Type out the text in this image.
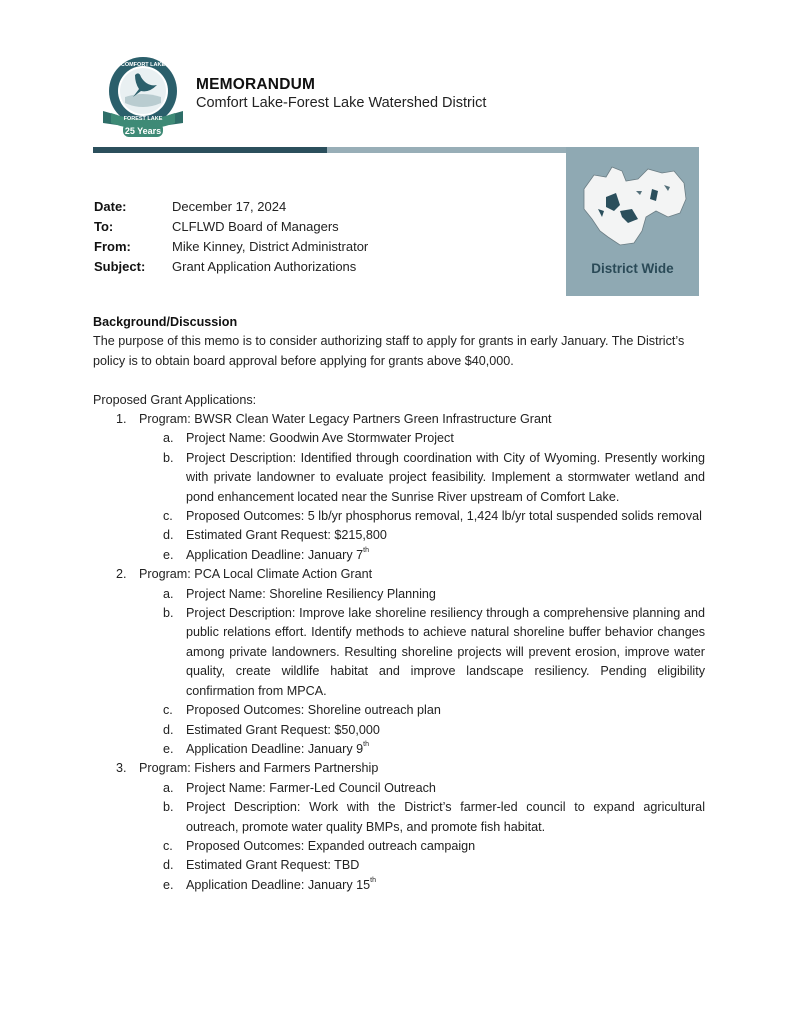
25 Years
COMFORT LAKE
FOREST LAKE
MEMORANDUM
Comfort Lake-Forest Lake Watershed District
District Wide
Date:	December 17, 2024
To:	CLFLWD Board of Managers
From:	Mike Kinney, District Administrator
Subject:	Grant Application Authorizations
Background/Discussion
The purpose of this memo is to consider authorizing staff to apply for grants in early January. The District’s policy is to obtain board approval before applying for grants above $40,000.
Proposed Grant Applications:
1. Program: BWSR Clean Water Legacy Partners Green Infrastructure Grant
a. Project Name: Goodwin Ave Stormwater Project
b. Project Description: Identified through coordination with City of Wyoming. Presently working with private landowner to evaluate project feasibility. Implement a stormwater wetland and pond enhancement located near the Sunrise River upstream of Comfort Lake.
c. Proposed Outcomes: 5 lb/yr phosphorus removal, 1,424 lb/yr total suspended solids removal
d. Estimated Grant Request: $215,800
e. Application Deadline: January 7th
2. Program: PCA Local Climate Action Grant
a. Project Name: Shoreline Resiliency Planning
b. Project Description: Improve lake shoreline resiliency through a comprehensive planning and public relations effort. Identify methods to achieve natural shoreline buffer behavior changes among private landowners. Resulting shoreline projects will prevent erosion, improve water quality, create wildlife habitat and improve landscape resiliency. Pending eligibility confirmation from MPCA.
c. Proposed Outcomes: Shoreline outreach plan
d. Estimated Grant Request: $50,000
e. Application Deadline: January 9th
3. Program: Fishers and Farmers Partnership
a. Project Name: Farmer-Led Council Outreach
b. Project Description: Work with the District’s farmer-led council to expand agricultural outreach, promote water quality BMPs, and promote fish habitat.
c. Proposed Outcomes: Expanded outreach campaign
d. Estimated Grant Request: TBD
e. Application Deadline: January 15th
